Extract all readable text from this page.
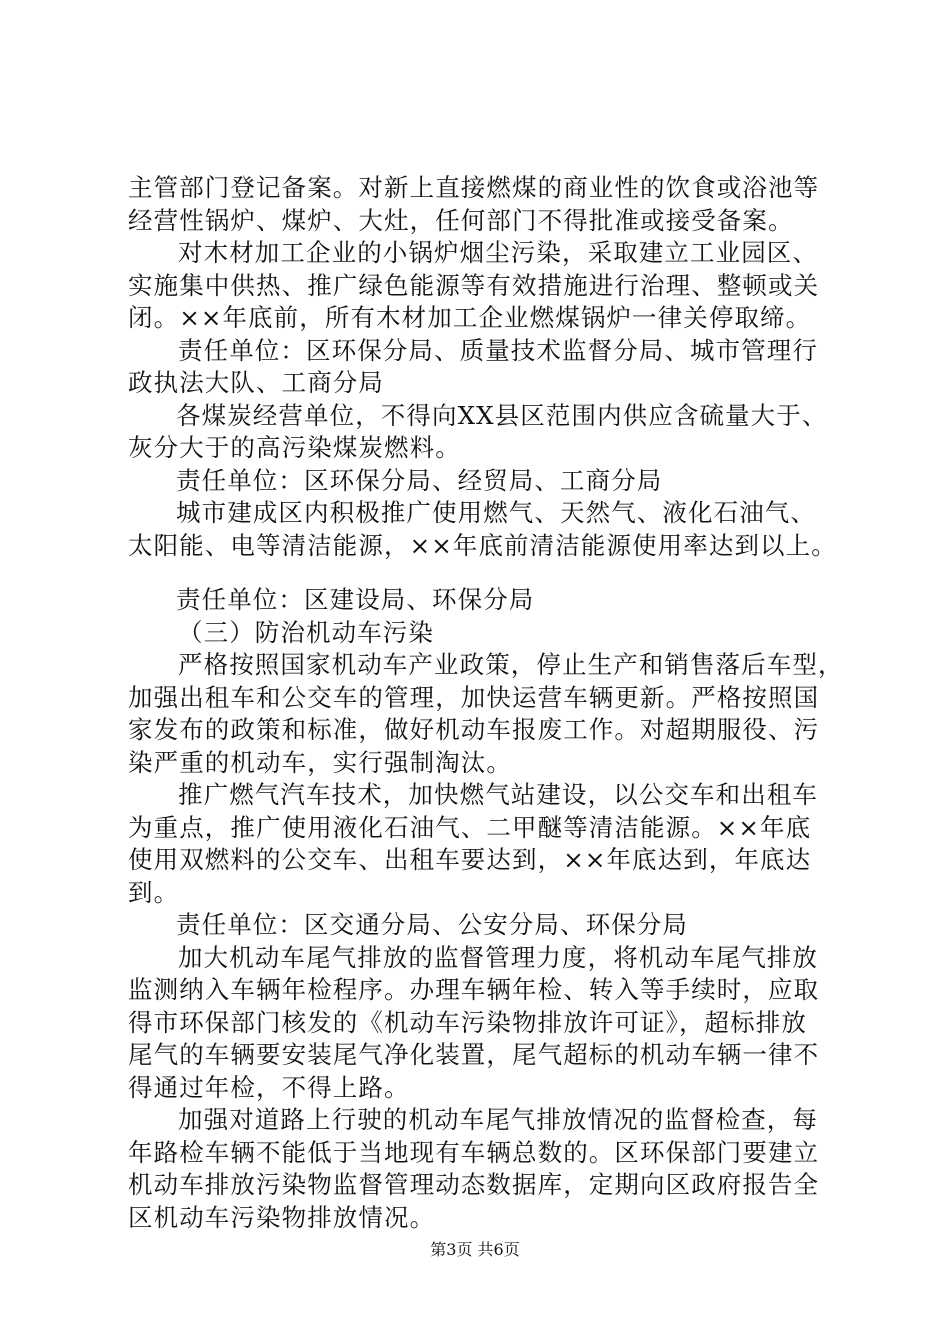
主管部门登记备案。对新上直接燃煤的商业性的饮食或浴池等
经营性锅炉、煤炉、大灶，任何部门不得批准或接受备案。
对木材加工企业的小锅炉烟尘污染，采取建立工业园区、
实施集中供热、推广绿色能源等有效措施进行治理、整顿或关
闭。××年底前，所有木材加工企业燃煤锅炉一律关停取缔。
责任单位：区环保分局、质量技术监督分局、城市管理行
政执法大队、工商分局
各煤炭经营单位，不得向XX县区范围内供应含硫量大于、
灰分大于的高污染煤炭燃料。
责任单位：区环保分局、经贸局、工商分局
城市建成区内积极推广使用燃气、天然气、液化石油气、
太阳能、电等清洁能源，××年底前清洁能源使用率达到以上。
责任单位：区建设局、环保分局
（三）防治机动车污染
严格按照国家机动车产业政策，停止生产和销售落后车型，
加强出租车和公交车的管理，加快运营车辆更新。严格按照国
家发布的政策和标准，做好机动车报废工作。对超期服役、污
染严重的机动车，实行强制淘汰。
推广燃气汽车技术，加快燃气站建设，以公交车和出租车
为重点，推广使用液化石油气、二甲醚等清洁能源。××年底
使用双燃料的公交车、出租车要达到，××年底达到，年底达
到。
责任单位：区交通分局、公安分局、环保分局
加大机动车尾气排放的监督管理力度，将机动车尾气排放
监测纳入车辆年检程序。办理车辆年检、转入等手续时，应取
得市环保部门核发的《机动车污染物排放许可证》，超标排放
尾气的车辆要安装尾气净化装置，尾气超标的机动车辆一律不
得通过年检，不得上路。
加强对道路上行驶的机动车尾气排放情况的监督检查，每
年路检车辆不能低于当地现有车辆总数的。区环保部门要建立
机动车排放污染物监督管理动态数据库，定期向区政府报告全
区机动车污染物排放情况。
第3页 共6页
